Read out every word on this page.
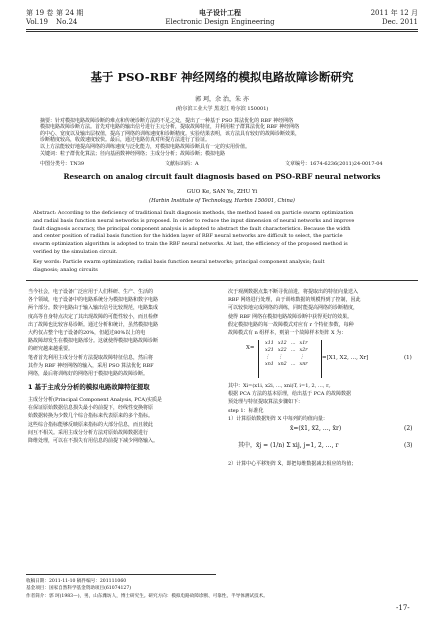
第 19 卷 第 24 期	电子设计工程	2011 年 12 月
Vol.19 No.24	Electronic Design Engineering	Dec. 2011
基于 PSO-RBF 神经网络的模拟电路故障诊断研究
郭 珂，余 治，朱 亦
(哈尔滨工业大学 黑龙江 哈尔滨 150001)
摘要：针对模拟电路故障诊断的难点和传统诊断方法的不足之处，提出了一种基于 PSO 算法优化的 RBF 神经网络
模拟电路故障诊断方法。首先对电路的输出信号进行主元分析，提取故障特征，并利用粒子群算法优化 RBF 神经网络
的中心、宽度以及输出层权值，提高了网络的训练速度和诊断精度。实验结果表明，该方法具有较好的故障诊断效果，
诊断精度较高，收敛速度较快。最后，通过电路仿真对所提方法进行了验证。
以上方法能较好地提高网络的训练速度与泛化能力，对模拟电路故障诊断具有一定的实用价值。
关键词：粒子群优化算法；径向基函数神经网络；主成分分析；故障诊断；模拟电路
中图分类号：TN39	文献标识码：A	文章编号：1674-6236(2011)24-0017-04
Research on analog circuit fault diagnosis based on PSO-RBF neural networks
GUO Ke, SAN Ye, ZHU Yi
(Harbin Institute of Technology, Harbin 150001, China)
Abstract: According to the deficiency of traditional fault diagnosis methods, the method based on particle swarm optimization
and radial basis function neural networks is proposed. In order to reduce the input dimension of neural networks and improve
fault diagnosis accuracy, the principal component analysis is adopted to abstract the fault characteristics. Because the width
and center position of radial basis function for the hidden layer of RBF neural networks are difficult to select, the particle
swarm optimization algorithm is adopted to train the RBF neural networks. At last, the efficiency of the proposed method is
verified by the simulation circuit.
Key words: Particle swarm optimization; radial basis function neural networks; principal component analysis; fault
diagnosis; analog circuits
当今社会，电子设备广泛应用于人们科研、生产、生活的
各个领域，电子设备中的电路系统分为模拟电路和数字电路
两个部分。数字电路由于输入输出信号比较规范，电路集成
度高等自身特点决定了其出现故障的可能性较小，而且检修
出了故障也比较容易诊断。通过分析和统计，虽然模拟电路
大约仅占整个电子设备的20%，但超过80%以上的电
路故障却发生在模拟电路部分。这就使得模拟电路故障诊断
的研究越来越重要。
笔者首先利用主成分分析方法提取故障特征信息，然后将
其作为 RBF 神经网络的输入，采用 PSO 算法优化 RBF
网络，最后将训练好的网络用于模拟电路的故障诊断。
1 基于主成分分析的模拟电路故障特征提取
主成分分析(Principal Component Analysis, PCA)实质是
在保证原始数据信息损失最小的前提下，经线性变换将原
始数据转换为少数几个综合指标来代表原来的多个指标。
这些综合指标能够反映原来指标的大部分信息，而且彼此
间互不相关。采用主成分分析方法对原始故障数据进行
降维处理，可以在不损失有用信息的前提下减少网络输入。
次于观测数据点集不断寻优前进，将提取出的特征向量送入
RBF 网络进行处理，由于训练数据的规模得到了控制，因此
可以较快地完成网络的训练，同时能提高网络的诊断精度，
使得 RBF 网络在模拟电路故障诊断中获得更好的效果。
假定模拟电路的每一故障模式对应有 r 个特征参数，每种
故障模式有 n 组样本，则第一个故障样本矩阵 X 为：
X=
x11	x12	…	x1r
x21	x22	…	x2r
⋮	⋮		⋮
xn1	xn2	…	xnr
=[X1, X2, …, Xr]	(1)
其中：Xi=(x1i, x2i, …, xni)T, i=1, 2, …, r。
根据 PCA 方法的基本原理，给出基于 PCA 的故障数据
预处理与特征提取算法步骤如下：
step 1：标准化
1）计算原始数据矩阵 X 中每列的均值向量：
x̄=(x̄1, x̄2, …, x̄r)	(2)
其中，x̄j = (1/n) Σ xij, j=1, 2, …, r	(3)
2）计算中心平移矩阵 X̃，即把每维数据减去相应的均值；
收稿日期：2011-11-10 稿件编号：201111060
基金项目：国家自然科学基金资助项目(61074127)
作者简介：郭 珂(1983—)，男，山东潍坊人，博士研究生。研究方向：模拟电路故障诊断、可靠性、半导体测试技术。
-17-
